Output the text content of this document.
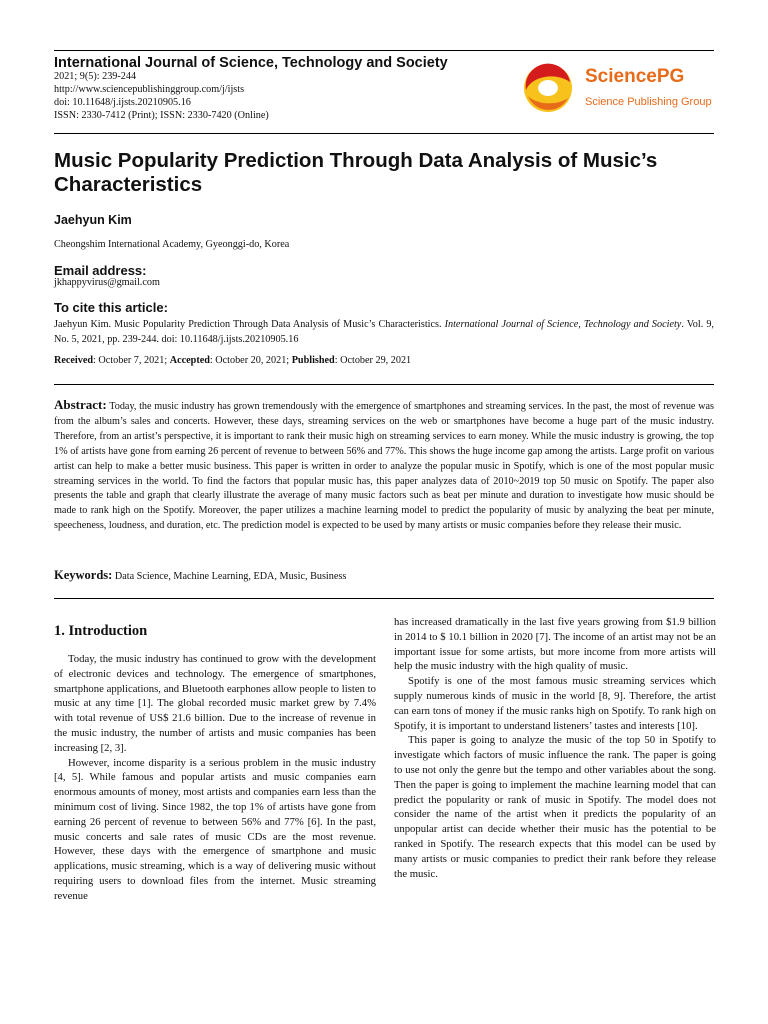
International Journal of Science, Technology and Society
2021; 9(5): 239-244
http://www.sciencepublishinggroup.com/j/ijsts
doi: 10.11648/j.ijsts.20210905.16
ISSN: 2330-7412 (Print); ISSN: 2330-7420 (Online)
SciencePG
Science Publishing Group
Music Popularity Prediction Through Data Analysis of Music’s Characteristics
Jaehyun Kim
Cheongshim International Academy, Gyeonggi-do, Korea
Email address:
jkhappyvirus@gmail.com
To cite this article:
Jaehyun Kim. Music Popularity Prediction Through Data Analysis of Music’s Characteristics. International Journal of Science, Technology and Society. Vol. 9, No. 5, 2021, pp. 239-244. doi: 10.11648/j.ijsts.20210905.16
Received: October 7, 2021; Accepted: October 20, 2021; Published: October 29, 2021
Abstract: Today, the music industry has grown tremendously with the emergence of smartphones and streaming services. In the past, the most of revenue was from the album’s sales and concerts. However, these days, streaming services on the web or smartphones have become a huge part of the music industry. Therefore, from an artist’s perspective, it is important to rank their music high on streaming services to earn money. While the music industry is growing, the top 1% of artists have gone from earning 26 percent of revenue to between 56% and 77%. This shows the huge income gap among the artists. Large profit on various artist can help to make a better music business. This paper is written in order to analyze the popular music in Spotify, which is one of the most popular music streaming services in the world. To find the factors that popular music has, this paper analyzes data of 2010~2019 top 50 music on Spotify. The paper also presents the table and graph that clearly illustrate the average of many music factors such as beat per minute and duration to investigate how music should be made to rank high on the Spotify. Moreover, the paper utilizes a machine learning model to predict the popularity of music by analyzing the beat per minute, speecheness, loudness, and duration, etc. The prediction model is expected to be used by many artists or music companies before they release their music.
Keywords: Data Science, Machine Learning, EDA, Music, Business
1. Introduction

Today, the music industry has continued to grow with the development of electronic devices and technology. The emergence of smartphones, smartphone applications, and Bluetooth earphones allow people to listen to music at any time [1]. The global recorded music market grew by 7.4% with total revenue of US$ 21.6 billion. Due to the increase of revenue in the music industry, the number of artists and music companies has been increasing [2, 3].

However, income disparity is a serious problem in the music industry [4, 5]. While famous and popular artists and music companies earn enormous amounts of money, most artists and companies earn less than the minimum cost of living. Since 1982, the top 1% of artists have gone from earning 26 percent of revenue to between 56% and 77% [6]. In the past, music concerts and sale rates of music CDs are the most revenue. However, these days with the emergence of smartphone and music applications, music streaming, which is a way of delivering music without requiring users to download files from the internet. Music streaming revenue

has increased dramatically in the last five years growing from $1.9 billion in 2014 to $ 10.1 billion in 2020 [7]. The income of an artist may not be an important issue for some artists, but more income from more artists will help the music industry with the high quality of music.

Spotify is one of the most famous music streaming services which supply numerous kinds of music in the world [8, 9]. Therefore, the artist can earn tons of money if the music ranks high on Spotify. To rank high on Spotify, it is important to understand listeners’ tastes and interests [10].

This paper is going to analyze the music of the top 50 in Spotify to investigate which factors of music influence the rank. The paper is going to use not only the genre but the tempo and other variables about the song. Then the paper is going to implement the machine learning model that can predict the popularity or rank of music in Spotify. The model does not consider the name of the artist when it predicts the popularity of an unpopular artist can decide whether their music has the potential to be ranked in Spotify. The research expects that this model can be used by many artists or music companies to predict their rank before they release the music.
